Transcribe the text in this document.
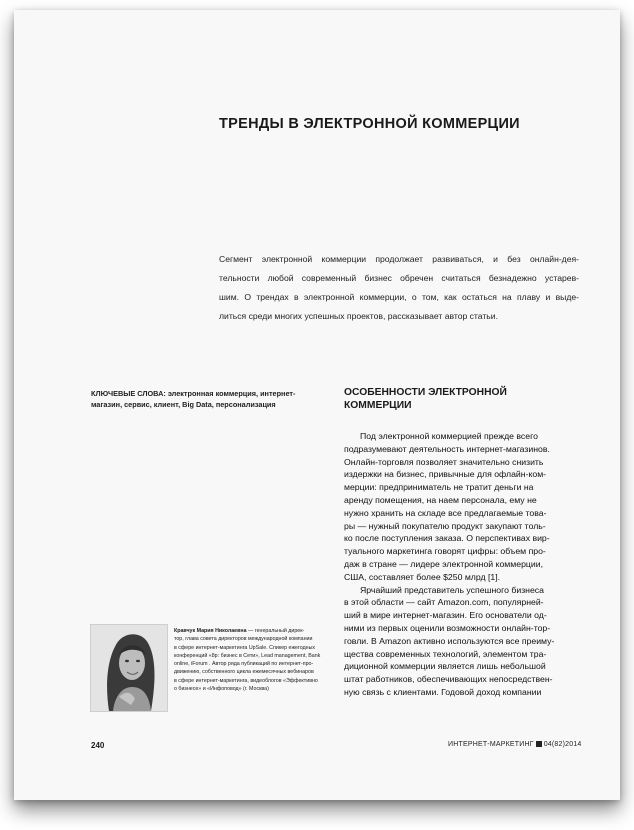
ТРЕНДЫ В ЭЛЕКТРОННОЙ КОММЕРЦИИ
Сегмент электронной коммерции продолжает развиваться, и без онлайн-дея-
тельности любой современный бизнес обречен считаться безнадежно устарев-
шим. О трендах в электронной коммерции, о том, как остаться на плаву и выде-
литься среди многих успешных проектов, рассказывает автор статьи.
КЛЮЧЕВЫЕ СЛОВА: электронная коммерция, интернет-
магазин, сервис, клиент, Big Data, персонализация
ОСОБЕННОСТИ ЭЛЕКТРОННОЙ
КОММЕРЦИИ
Под электронной коммерцией прежде всего
подразумевают деятельность интернет-магазинов.
Онлайн-торговля позволяет значительно снизить
издержки на бизнес, привычные для офлайн-ком-
мерции: предприниматель не тратит деньги на
аренду помещения, на наем персонала, ему не
нужно хранить на складе все предлагаемые това-
ры — нужный покупателю продукт закупают толь-
ко после поступления заказа. О перспективах вир-
туального маркетинга говорят цифры: объем про-
даж в стране — лидере электронной коммерции,
США, составляет более $250 млрд [1].
Ярчайший представитель успешного бизнеса
в этой области — сайт Amazon.com, популярней-
ший в мире интернет-магазин. Его основатели од-
ними из первых оценили возможности онлайн-тор-
говли. В Amazon активно используются все преиму-
щества современных технологий, элементом тра-
диционной коммерции является лишь небольшой
штат работников, обеспечивающих непосредствен-
ную связь с клиентами. Годовой доход компании
Кравчук Мария Николаевна — генеральный дирек-
тор, глава совета директоров международной компании
в сфере интернет-маркетинга UpSale. Спикер ежегодных
конференций «8р: бизнес в Сети», Lead management, Bank
online, iForum . Автор ряда публикаций по интернет-про-
движению, собственного цикла ежемесячных вебинаров
в сфере интернет-маркетинга, видеоблогов «Эффективно
о бизнесе» и «Инфоповод» (г. Москва)
240	ИНТЕРНЕТ-МАРКЕТИНГ 04(82)2014
